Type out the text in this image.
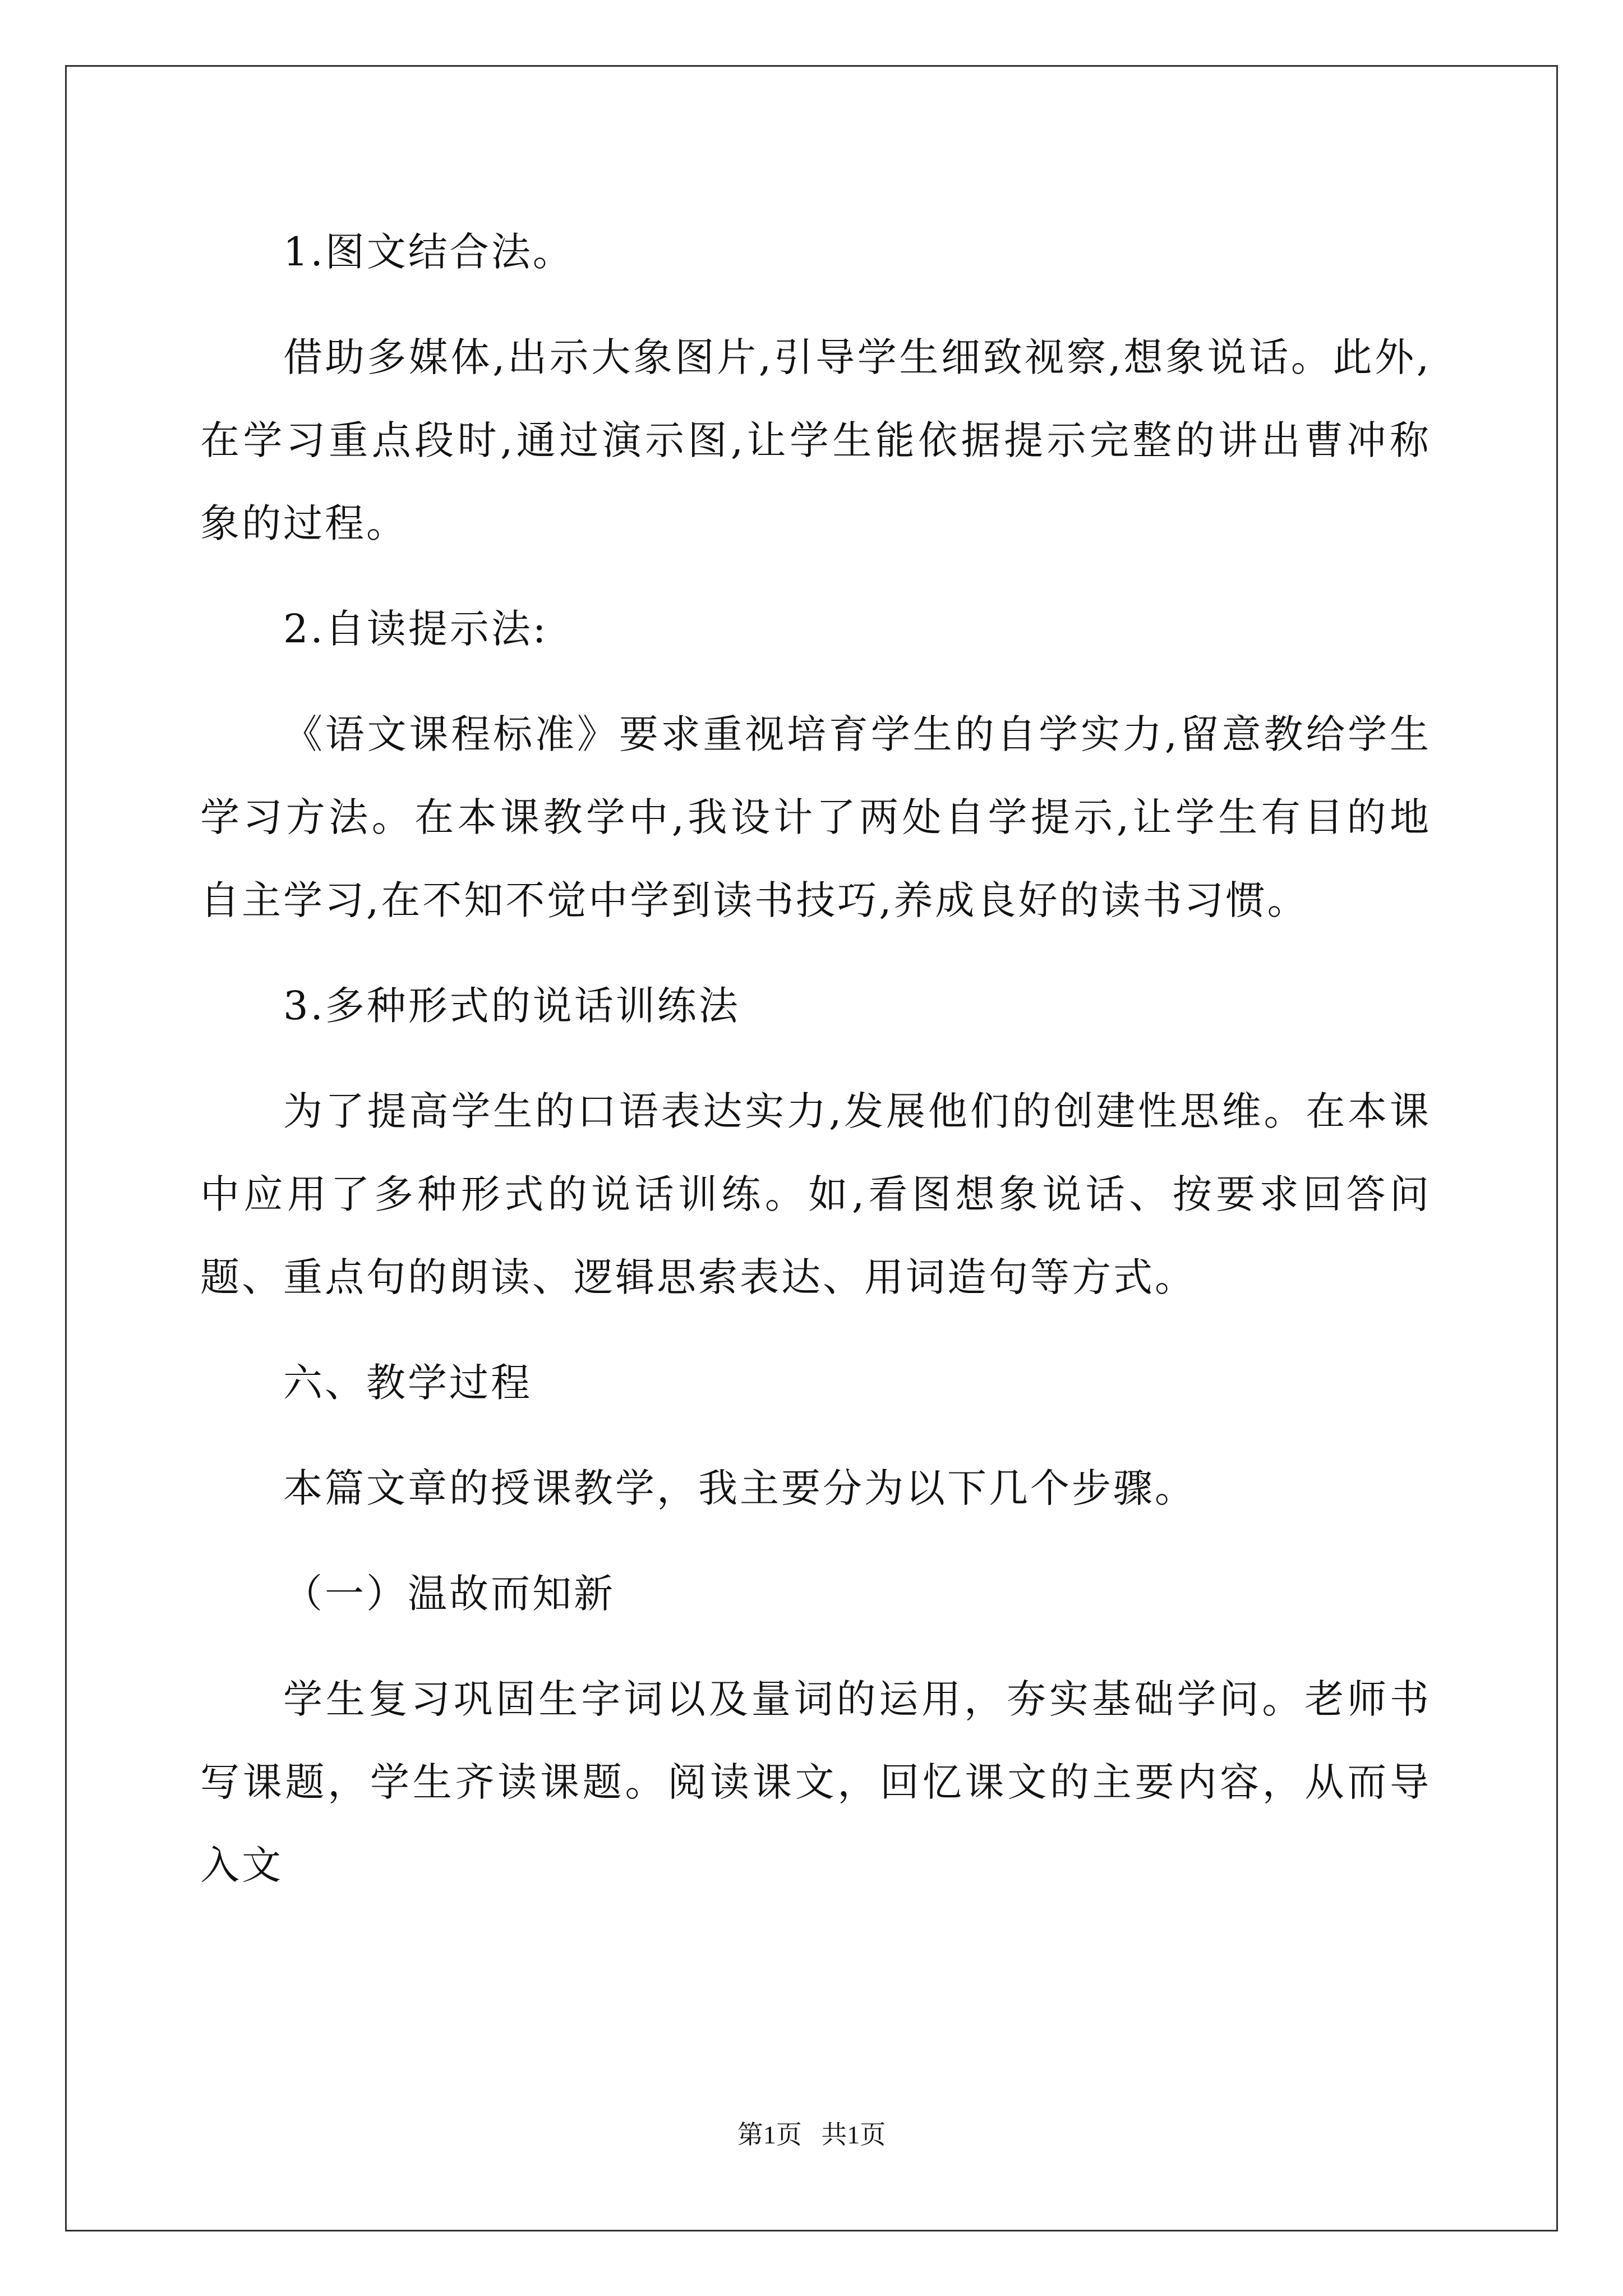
1.图文结合法。

借助多媒体,出示大象图片,引导学生细致视察,想象说话。此外,在学习重点段时,通过演示图,让学生能依据提示完整的讲出曹冲称象的过程。

2.自读提示法:

《语文课程标准》要求重视培育学生的自学实力,留意教给学生学习方法。在本课教学中,我设计了两处自学提示,让学生有目的地自主学习,在不知不觉中学到读书技巧,养成良好的读书习惯。

3.多种形式的说话训练法

为了提高学生的口语表达实力,发展他们的创建性思维。在本课中应用了多种形式的说话训练。如,看图想象说话、按要求回答问题、重点句的朗读、逻辑思索表达、用词造句等方式。

六、教学过程

本篇文章的授课教学，我主要分为以下几个步骤。

（一）温故而知新

学生复习巩固生字词以及量词的运用，夯实基础学问。老师书写课题，学生齐读课题。阅读课文，回忆课文的主要内容，从而导入文

第1页 共1页
